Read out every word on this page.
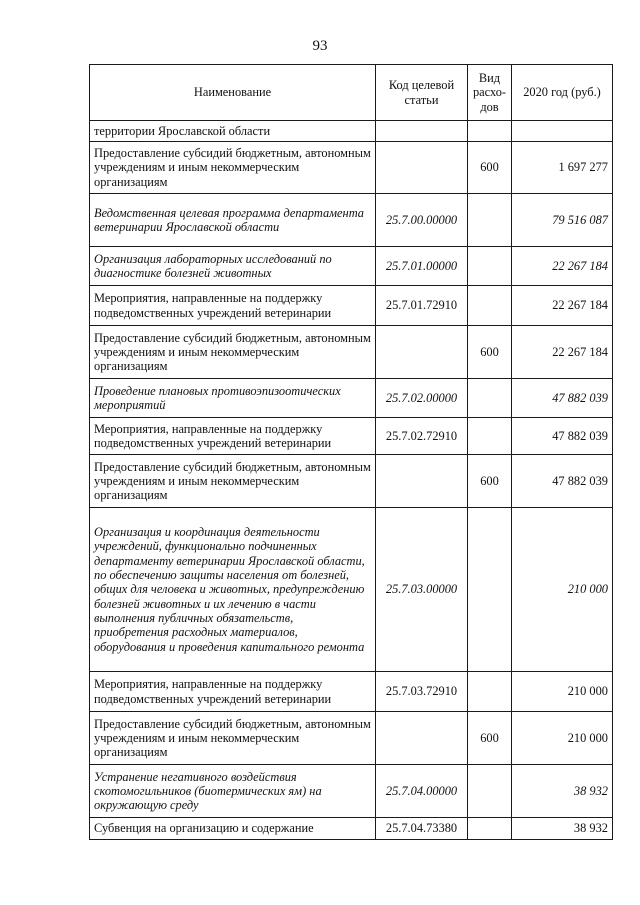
93
Наименование	Код целевой статьи	Вид расхо-дов	2020 год (руб.)
территории Ярославской области			
Предоставление субсидий бюджетным, автономным учреждениям и иным некоммерческим организациям		600	1 697 277
Ведомственная целевая программа департамента ветеринарии Ярославской области	25.7.00.00000		79 516 087
Организация лабораторных исследований по диагностике болезней животных	25.7.01.00000		22 267 184
Мероприятия, направленные на поддержку подведомственных учреждений ветеринарии	25.7.01.72910		22 267 184
Предоставление субсидий бюджетным, автономным учреждениям и иным некоммерческим организациям		600	22 267 184
Проведение плановых противоэпизоотических мероприятий	25.7.02.00000		47 882 039
Мероприятия, направленные на поддержку подведомственных учреждений ветеринарии	25.7.02.72910		47 882 039
Предоставление субсидий бюджетным, автономным учреждениям и иным некоммерческим организациям		600	47 882 039
Организация и координация деятельности учреждений, функционально подчиненных департаменту ветеринарии Ярославской области, по обеспечению защиты населения от болезней, общих для человека и животных, предупреждению болезней животных и их лечению в части выполнения публичных обязательств, приобретения расходных материалов, оборудования и проведения капитального ремонта	25.7.03.00000		210 000
Мероприятия, направленные на поддержку подведомственных учреждений ветеринарии	25.7.03.72910		210 000
Предоставление субсидий бюджетным, автономным учреждениям и иным некоммерческим организациям		600	210 000
Устранение негативного воздействия скотомогильников (биотермических ям) на окружающую среду	25.7.04.00000		38 932
Субвенция на организацию и содержание	25.7.04.73380		38 932
